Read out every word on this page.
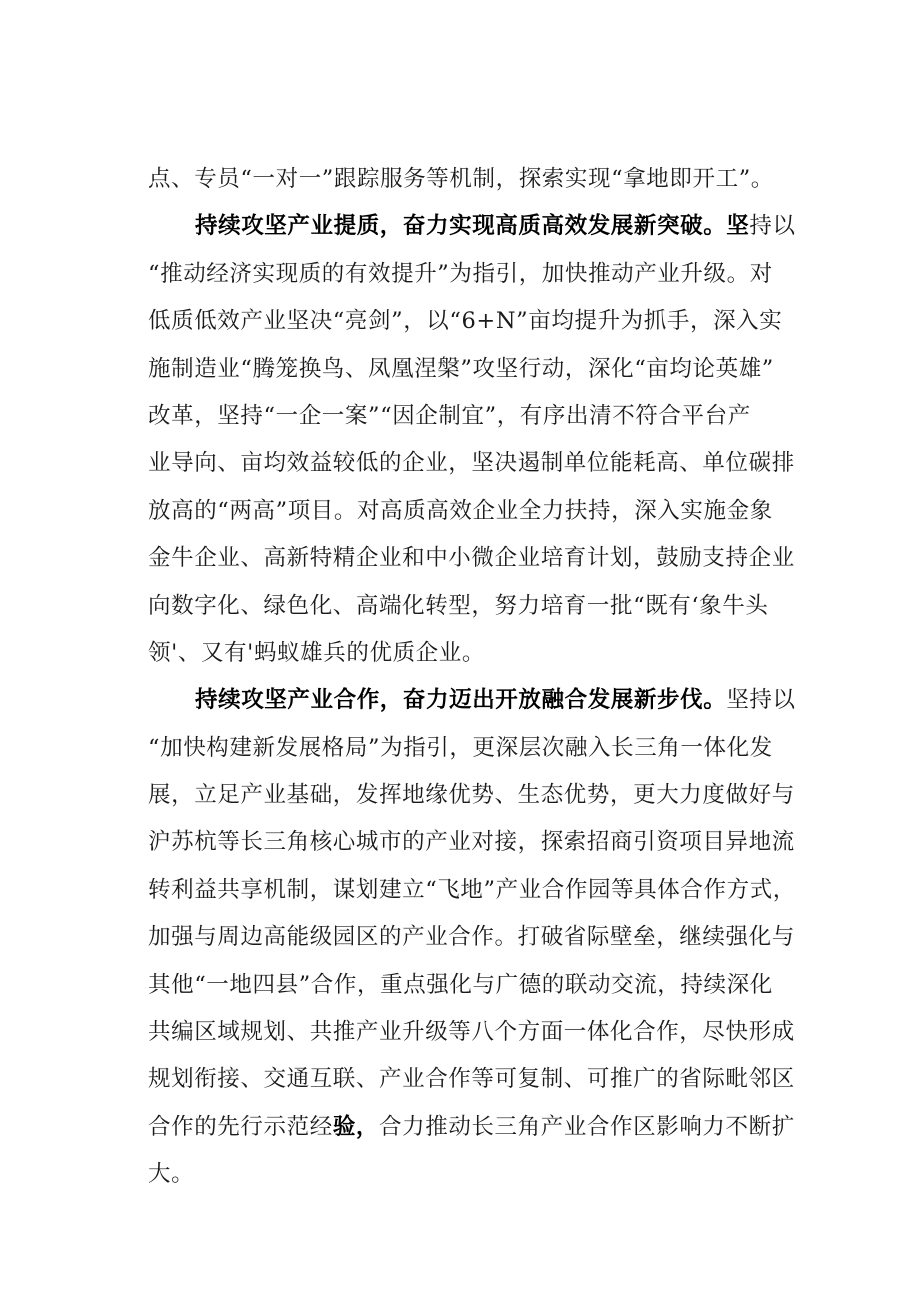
点、专员“一对一”跟踪服务等机制，探索实现“拿地即开工”。
持续攻坚产业提质，奋力实现高质高效发展新突破。坚持以
“推动经济实现质的有效提升”为指引，加快推动产业升级。对
低质低效产业坚决“亮剑”，以“6+N”亩均提升为抓手，深入实
施制造业“腾笼换鸟、凤凰涅槃”攻坚行动，深化“亩均论英雄”
改革，坚持“一企一案”“因企制宜”，有序出清不符合平台产
业导向、亩均效益较低的企业，坚决遏制单位能耗高、单位碳排
放高的“两高”项目。对高质高效企业全力扶持，深入实施金象
金牛企业、高新特精企业和中小微企业培育计划，鼓励支持企业
向数字化、绿色化、高端化转型，努力培育一批“既有‘象牛头
领'、又有'蚂蚁雄兵的优质企业。
持续攻坚产业合作，奋力迈出开放融合发展新步伐。坚持以
“加快构建新发展格局”为指引，更深层次融入长三角一体化发
展，立足产业基础，发挥地缘优势、生态优势，更大力度做好与
沪苏杭等长三角核心城市的产业对接，探索招商引资项目异地流
转利益共享机制，谋划建立“飞地”产业合作园等具体合作方式，
加强与周边高能级园区的产业合作。打破省际壁垒，继续强化与
其他“一地四县”合作，重点强化与广德的联动交流，持续深化
共编区域规划、共推产业升级等八个方面一体化合作，尽快形成
规划衔接、交通互联、产业合作等可复制、可推广的省际毗邻区
合作的先行示范经验，合力推动长三角产业合作区影响力不断扩
大。
